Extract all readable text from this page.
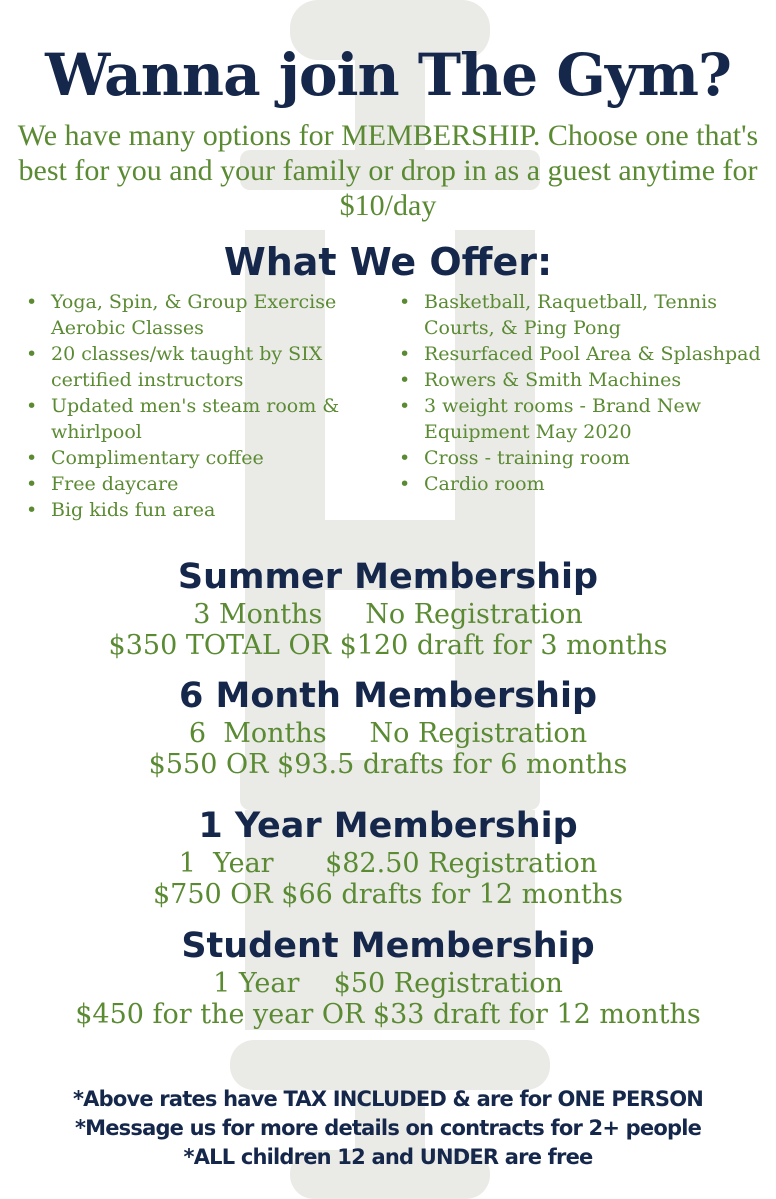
Wanna join The Gym?
We have many options for MEMBERSHIP. Choose one that's best for you and your family or drop in as a guest anytime for $10/day
What We Offer:
• Yoga, Spin, & Group Exercise Aerobic Classes
• 20 classes/wk taught by SIX certified instructors
• Updated men's steam room & whirlpool
• Complimentary coffee
• Free daycare
• Big kids fun area
• Basketball, Raquetball, Tennis Courts, & Ping Pong
• Resurfaced Pool Area & Splashpad
• Rowers & Smith Machines
• 3 weight rooms - Brand New Equipment May 2020
• Cross - training room
• Cardio room
Summer Membership
3 Months     No Registration
$350 TOTAL OR $120 draft for 3 months
6 Month Membership
6  Months     No Registration
$550 OR $93.5 drafts for 6 months
1 Year Membership
1  Year      $82.50 Registration
$750 OR $66 drafts for 12 months
Student Membership
1 Year    $50 Registration
$450 for the year OR $33 draft for 12 months
*Above rates have TAX INCLUDED & are for ONE PERSON
*Message us for more details on contracts for 2+ people
*ALL children 12 and UNDER are free
